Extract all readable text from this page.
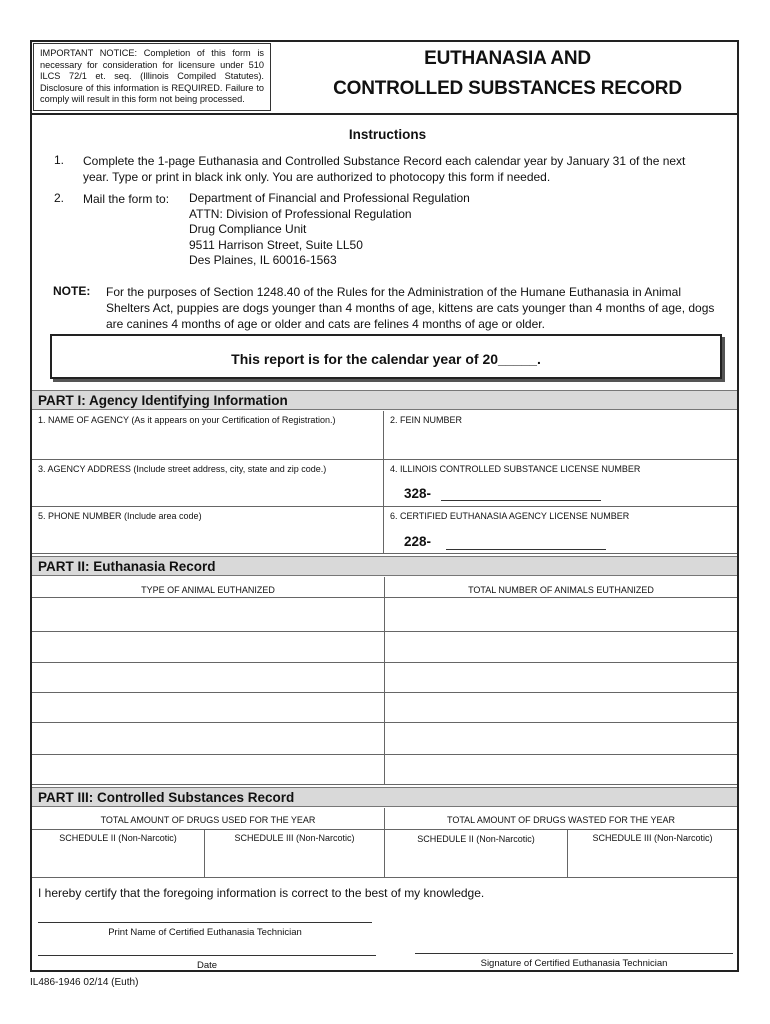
IMPORTANT NOTICE: Completion of this form is necessary for consideration for licensure under 510 ILCS 72/1 et. seq. (Illinois Compiled Statutes). Disclosure of this information is REQUIRED. Failure to comply will result in this form not being processed.
EUTHANASIA AND
CONTROLLED SUBSTANCES RECORD
Instructions
1. Complete the 1-page Euthanasia and Controlled Substance Record each calendar year by January 31 of the next year. Type or print in black ink only. You are authorized to photocopy this form if needed.
2. Mail the form to: Department of Financial and Professional Regulation
ATTN: Division of Professional Regulation
Drug Compliance Unit
9511 Harrison Street, Suite LL50
Des Plaines, IL 60016-1563
NOTE: For the purposes of Section 1248.40 of the Rules for the Administration of the Humane Euthanasia in Animal Shelters Act, puppies are dogs younger than 4 months of age, kittens are cats younger than 4 months of age, dogs are canines 4 months of age or older and cats are felines 4 months of age or older.
This report is for the calendar year of 20_____.
PART I: Agency Identifying Information
1. NAME OF AGENCY (As it appears on your Certification of Registration.)	2. FEIN NUMBER
3. AGENCY ADDRESS (Include street address, city, state and zip code.)	4. ILLINOIS CONTROLLED SUBSTANCE LICENSE NUMBER
328-
5. PHONE NUMBER (Include area code)	6. CERTIFIED EUTHANASIA AGENCY LICENSE NUMBER
228-
PART II: Euthanasia Record
TYPE OF ANIMAL EUTHANIZED	TOTAL NUMBER OF ANIMALS EUTHANIZED
PART III: Controlled Substances Record
TOTAL AMOUNT OF DRUGS USED FOR THE YEAR	TOTAL AMOUNT OF DRUGS WASTED FOR THE YEAR
SCHEDULE II (Non-Narcotic)	SCHEDULE III (Non-Narcotic)	SCHEDULE II (Non-Narcotic)	SCHEDULE III (Non-Narcotic)
I hereby certify that the foregoing information is correct to the best of my knowledge.
Print Name of Certified Euthanasia Technician
Date	Signature of Certified Euthanasia Technician
IL486-1946 02/14 (Euth)
